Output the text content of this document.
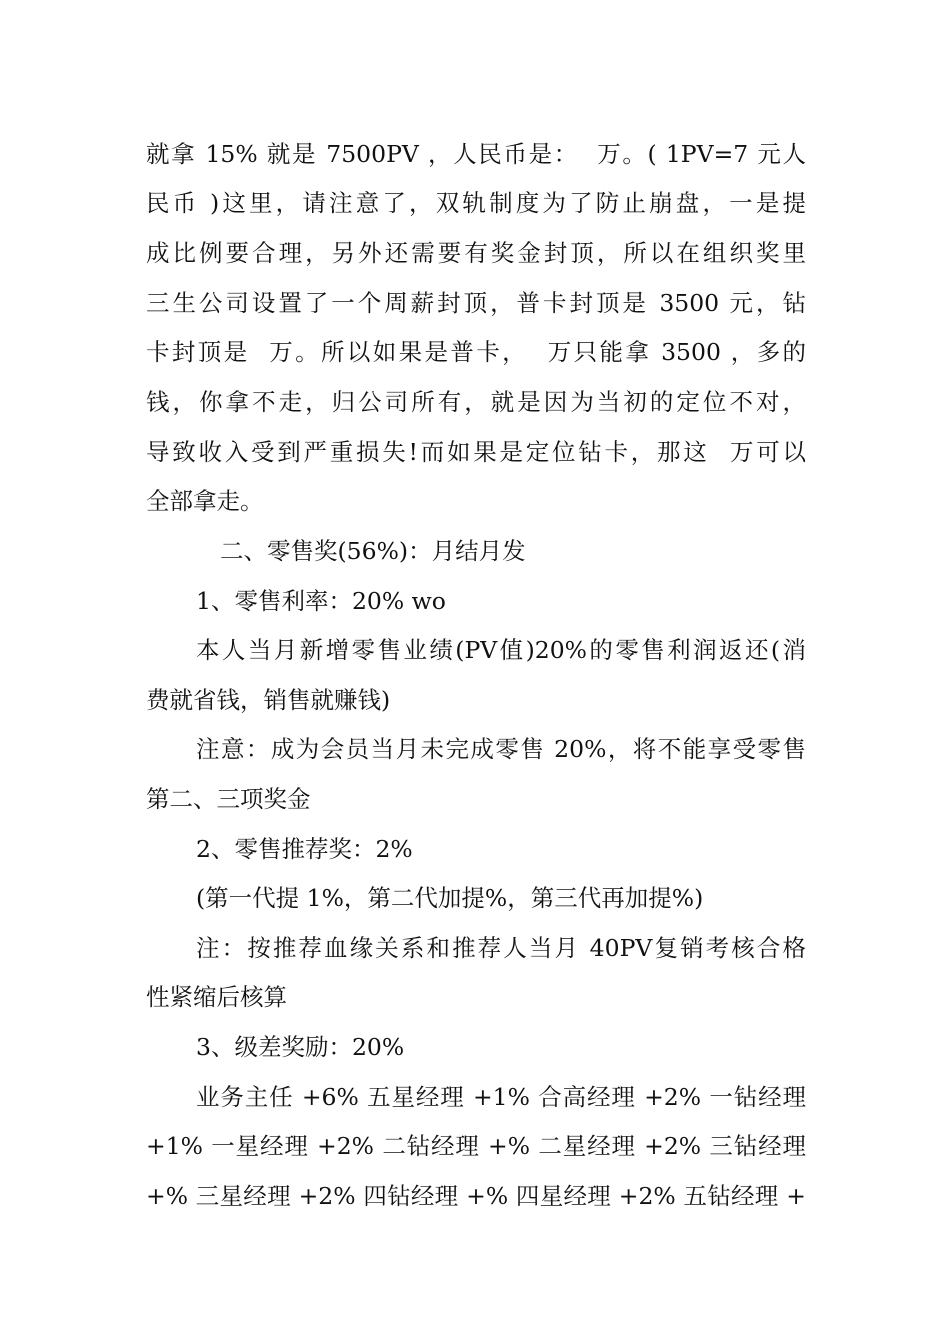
就拿 15% 就是 7500PV ，人民币是：  万。( 1PV=7 元人
民币 )这里，请注意了，双轨制度为了防止崩盘，一是提
成比例要合理，另外还需要有奖金封顶，所以在组织奖里
三生公司设置了一个周薪封顶，普卡封顶是 3500 元，钻
卡封顶是  万。所以如果是普卡，  万只能拿 3500 ，多的
钱，你拿不走，归公司所有，就是因为当初的定位不对，
导致收入受到严重损失!而如果是定位钻卡，那这  万可以
全部拿走。
二、零售奖(56%)：月结月发
1、零售利率：20% wo
本人当月新增零售业绩(PV值)20%的零售利润返还(消
费就省钱，销售就赚钱)
注意：成为会员当月未完成零售 20%，将不能享受零售
第二、三项奖金
2、零售推荐奖：2%
(第一代提 1%，第二代加提%，第三代再加提%)
注：按推荐血缘关系和推荐人当月 40PV复销考核合格
性紧缩后核算
3、级差奖励：20%
业务主任 +6% 五星经理 +1% 合高经理 +2% 一钻经理
+1% 一星经理 +2% 二钻经理 +% 二星经理 +2% 三钻经理
+% 三星经理 +2% 四钻经理 +% 四星经理 +2% 五钻经理 +
